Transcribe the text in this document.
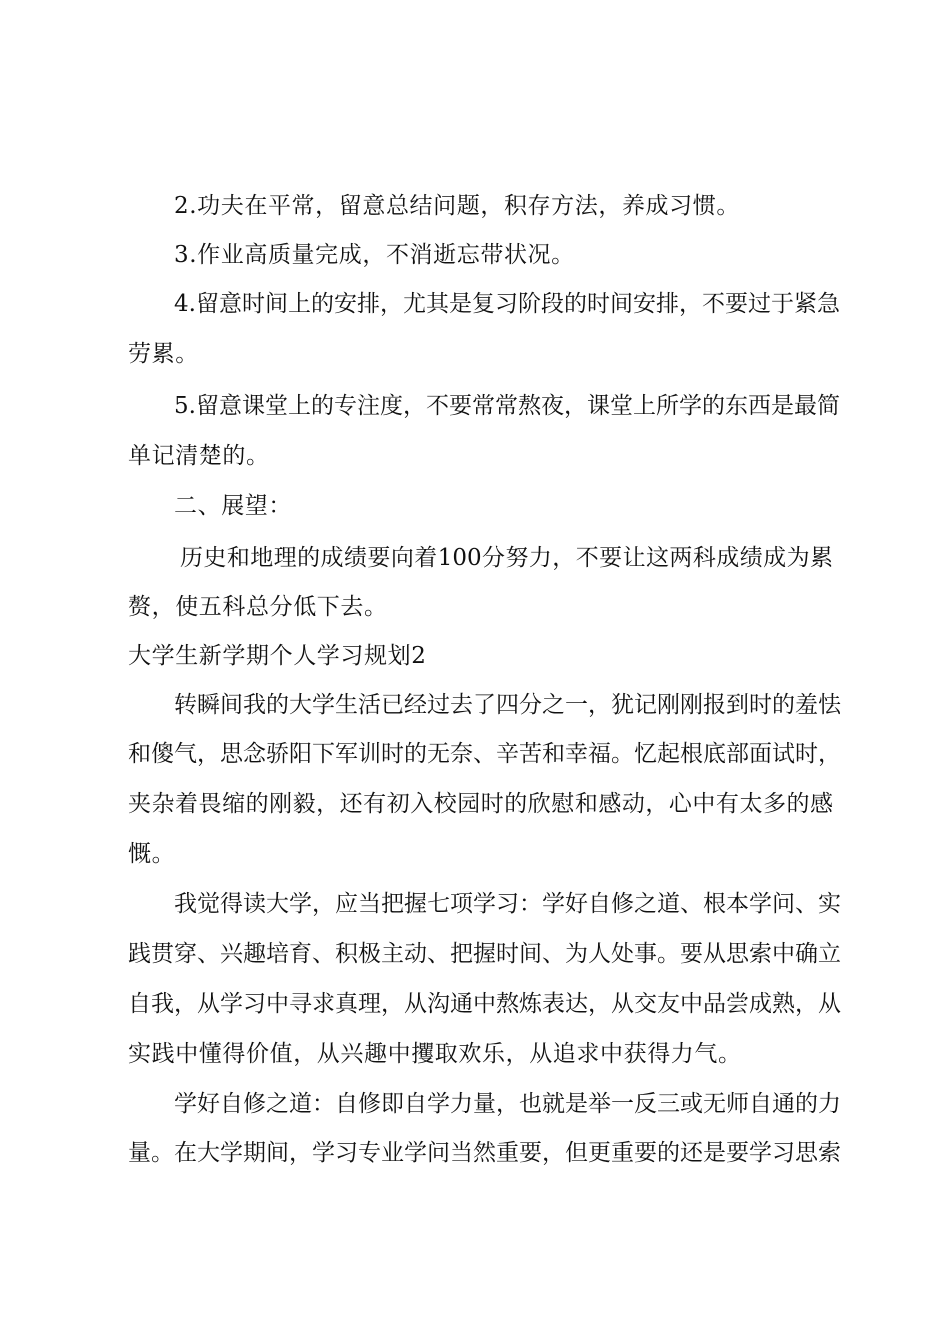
2.功夫在平常，留意总结问题，积存方法，养成习惯。
3.作业高质量完成，不消逝忘带状况。
4.留意时间上的安排，尤其是复习阶段的时间安排，不要过于紧急
劳累。
5.留意课堂上的专注度，不要常常熬夜，课堂上所学的东西是最简
单记清楚的。
二、展望：
历史和地理的成绩要向着100分努力，不要让这两科成绩成为累
赘，使五科总分低下去。
大学生新学期个人学习规划2
转瞬间我的大学生活已经过去了四分之一，犹记刚刚报到时的羞怯
和傻气，思念骄阳下军训时的无奈、辛苦和幸福。忆起根底部面试时，
夹杂着畏缩的刚毅，还有初入校园时的欣慰和感动，心中有太多的感
慨。
我觉得读大学，应当把握七项学习：学好自修之道、根本学问、实
践贯穿、兴趣培育、积极主动、把握时间、为人处事。要从思索中确立
自我，从学习中寻求真理，从沟通中熬炼表达，从交友中品尝成熟，从
实践中懂得价值，从兴趣中攫取欢乐，从追求中获得力气。
学好自修之道：自修即自学力量，也就是举一反三或无师自通的力
量。在大学期间，学习专业学问当然重要，但更重要的还是要学习思索
